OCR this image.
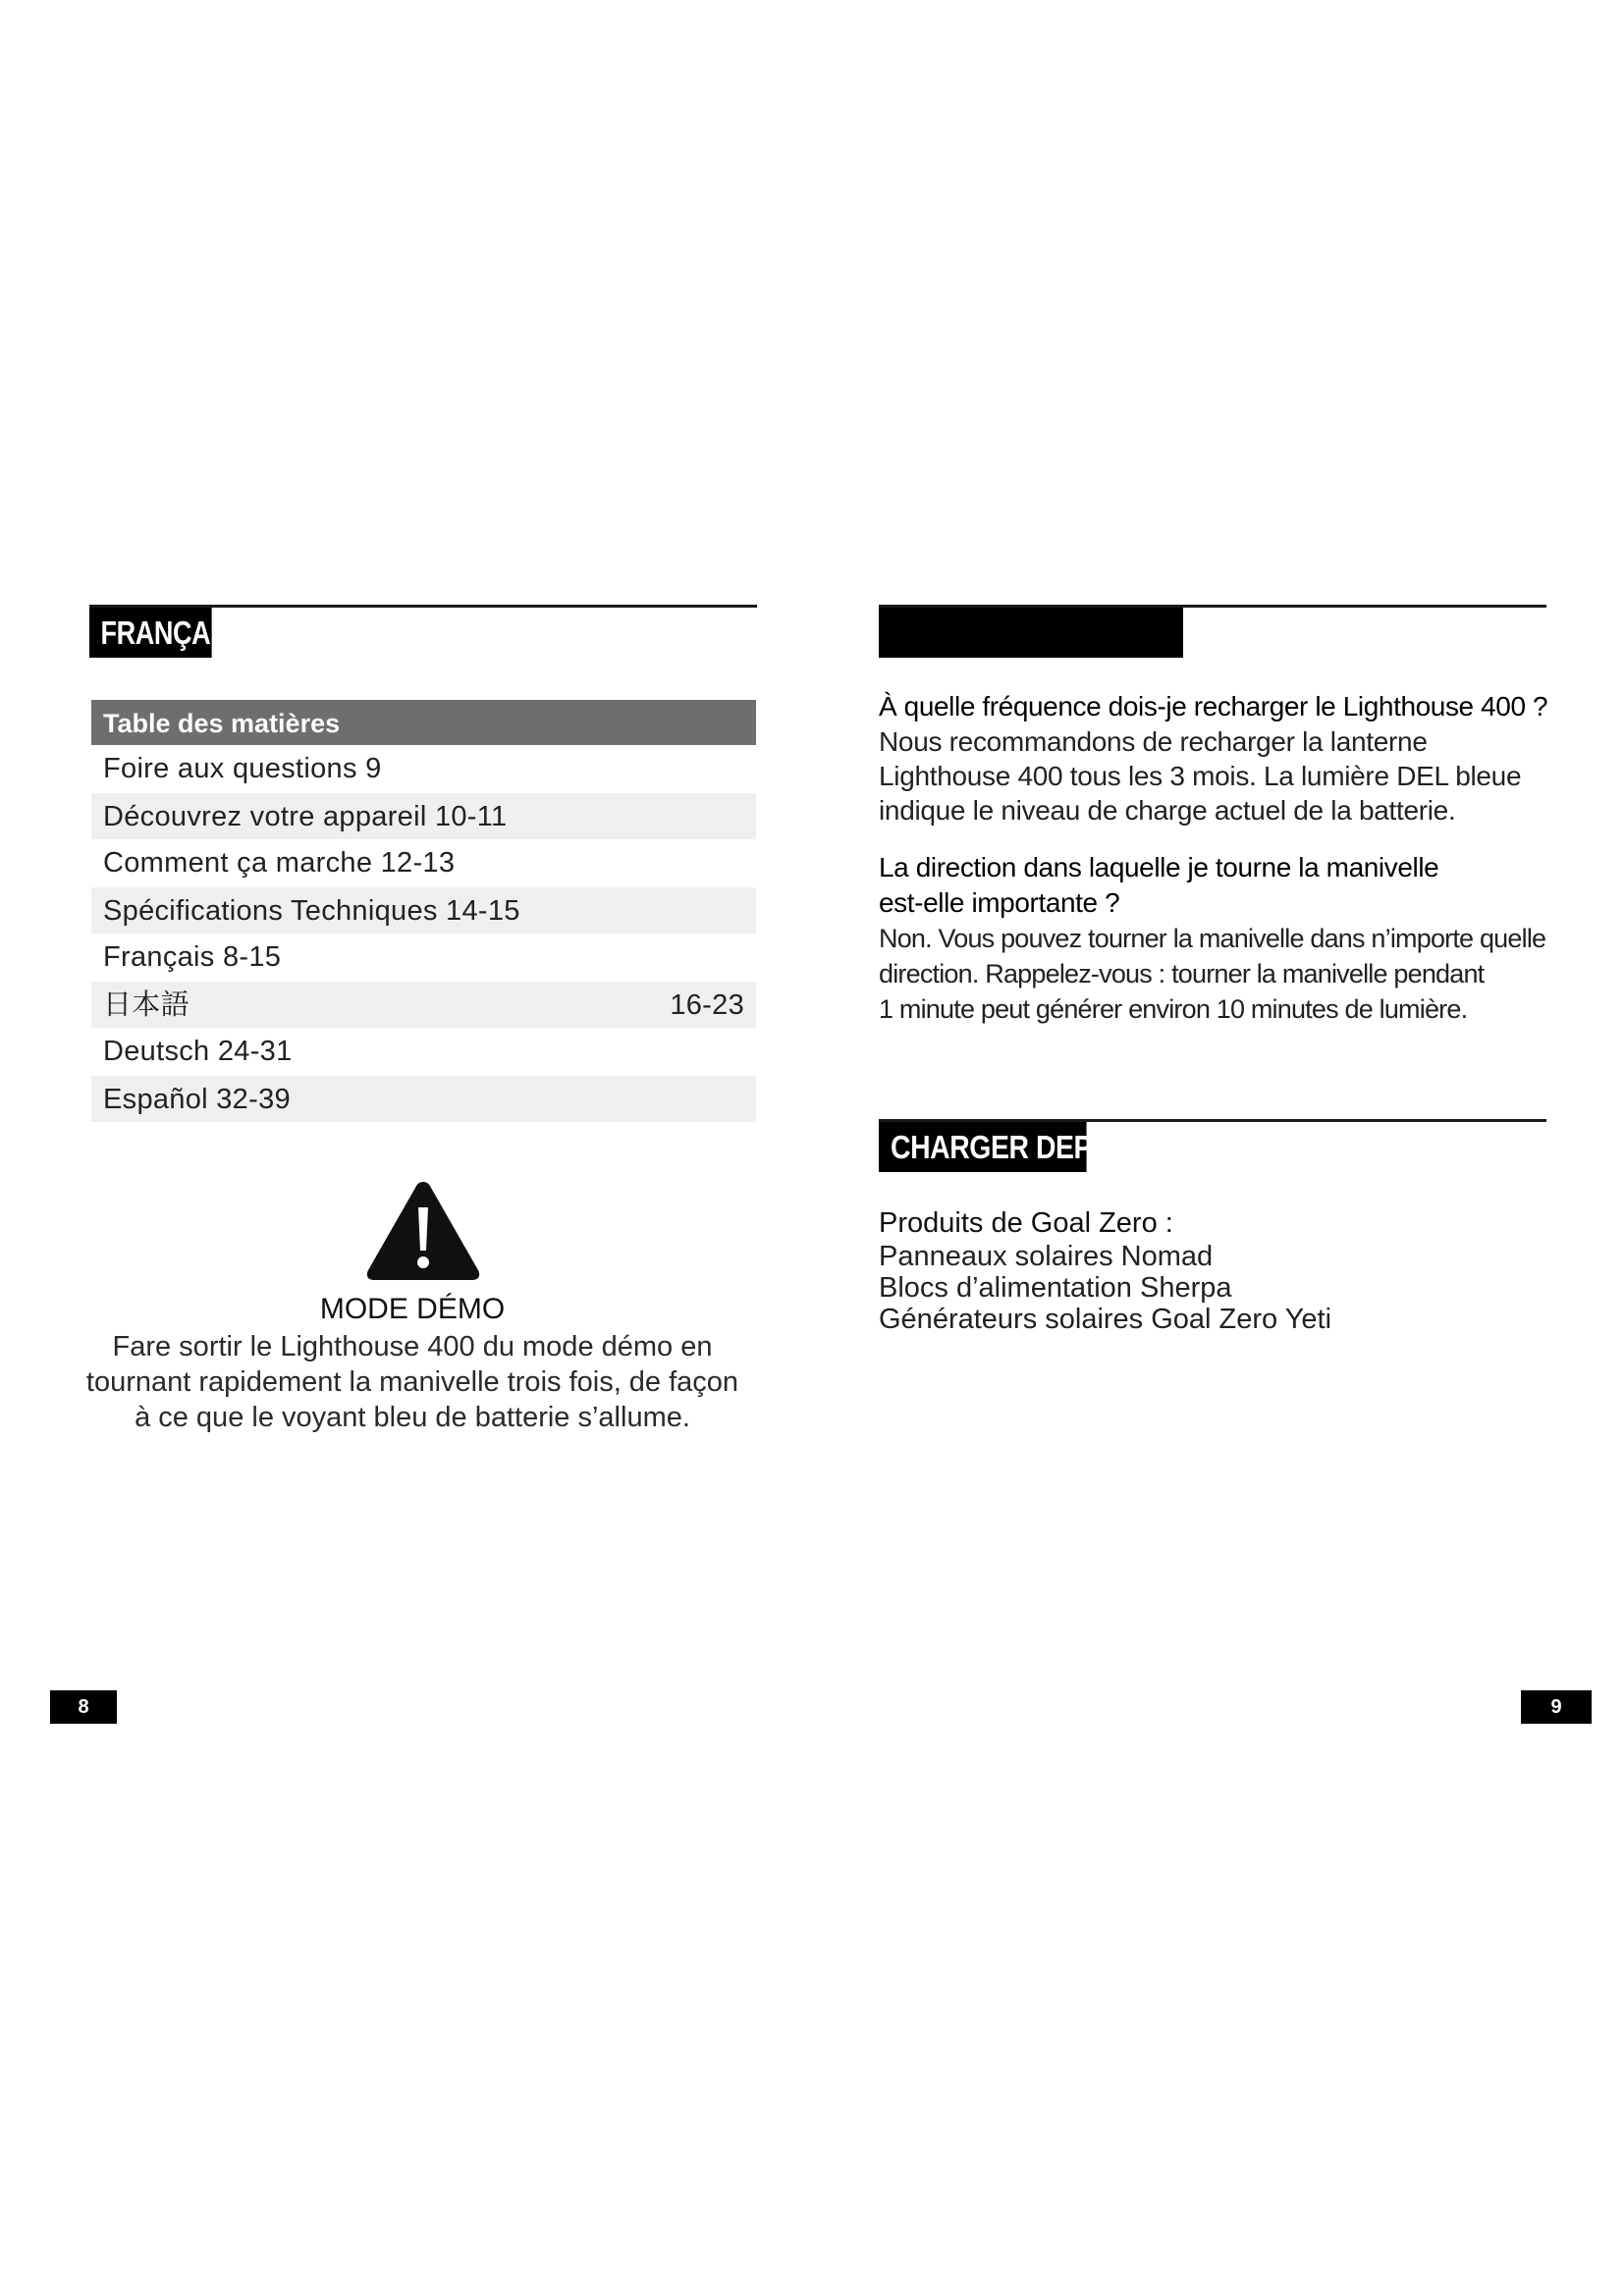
FRANÇAIS F
Table des matières
Foire aux questions 9
Découvrez votre appareil 10-11
Comment ça marche 12-13
Spécifications Techniques 14-15
Français 8-15
日本語	16-23
Deutsch 24-31
Español 32-39
MODE DÉMO
Fare sortir le Lighthouse 400 du mode démo en
tournant rapidement la manivelle trois fois, de façon
à ce que le voyant bleu de batterie s’allume.
8
À quelle fréquence dois-je recharger le Lighthouse 400 ?
Nous recommandons de recharger la lanterne
Lighthouse 400 tous les 3 mois. La lumière DEL bleue
indique le niveau de charge actuel de la batterie.
La direction dans laquelle je tourne la manivelle
est-elle importante ?
Non. Vous pouvez tourner la manivelle dans n’importe quelle
direction. Rappelez-vous : tourner la manivelle pendant
1 minute peut générer environ 10 minutes de lumière.
CHARGER DEPUIS
Produits de Goal Zero :
Panneaux solaires Nomad
Blocs d’alimentation Sherpa
Générateurs solaires Goal Zero Yeti
9
